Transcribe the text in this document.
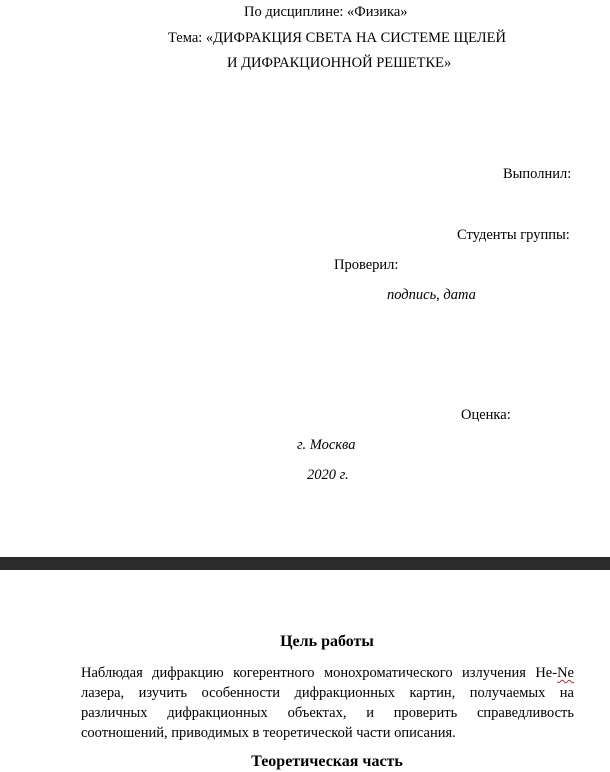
По дисциплине: «Физика»
Тема: «ДИФРАКЦИЯ СВЕТА НА СИСТЕМЕ ЩЕЛЕЙ
И ДИФРАКЦИОННОЙ РЕШЕТКЕ»
Выполнил:
Студенты группы:
Проверил:
подпись, дата
Оценка:
г. Москва
2020 г.
Цель работы
Наблюдая дифракцию когерентного монохроматического излучения He-Ne
лазера, изучить особенности дифракционных картин, получаемых на
различных дифракционных объектах, и проверить справедливость
соотношений, приводимых в теоретической части описания.
Теоретическая часть
